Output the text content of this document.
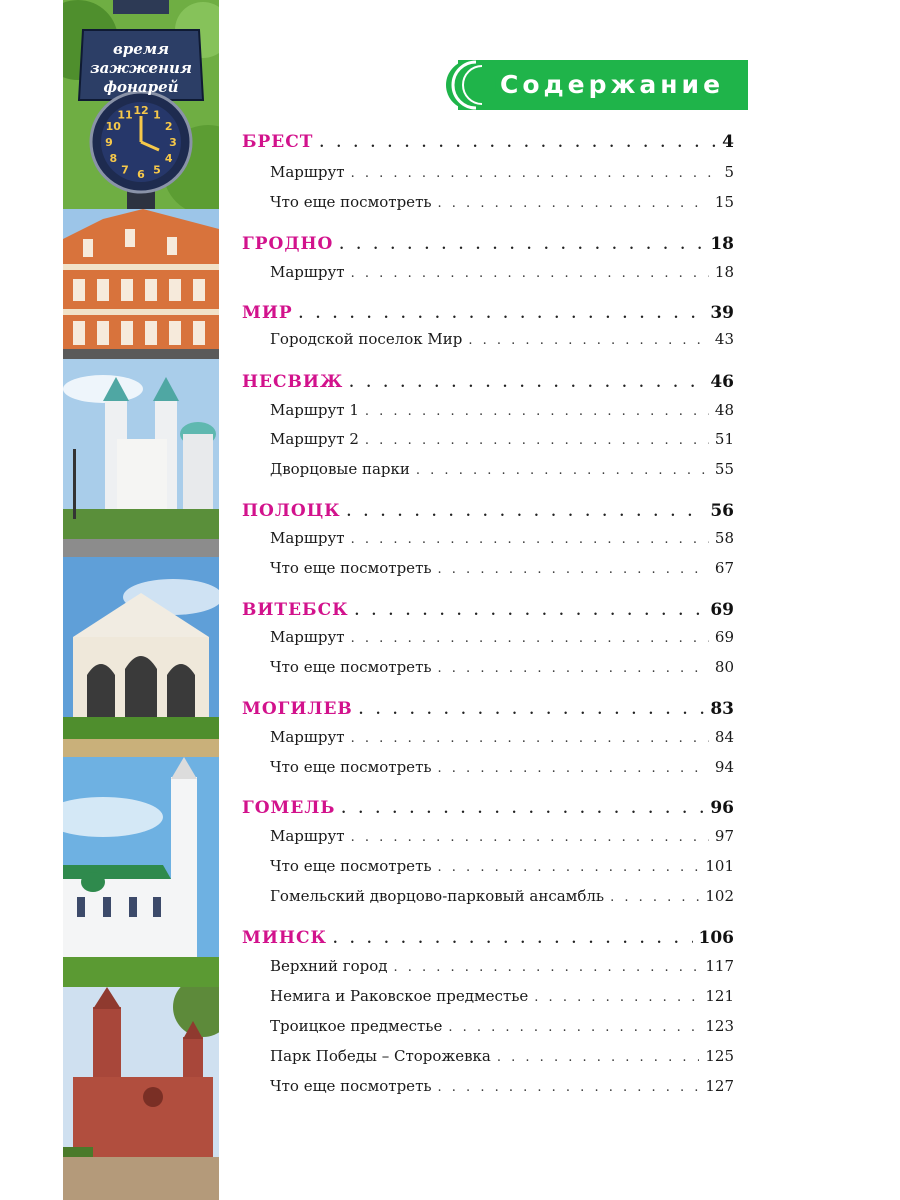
время
зажжения
фонарей
12 1
2
3
4
5
6
7
8
9
10
11
Содержание
БРЕСТ . . .	4
Маршрут . . .	5
Что еще посмотреть . . .	15
ГРОДНО . . .	18
Маршрут . . .	18
МИР . . .	39
Городской поселок Мир . . .	43
НЕСВИЖ . . .	46
Маршрут 1 . . .	48
Маршрут 2 . . .	51
Дворцовые парки . . .	55
ПОЛОЦК . . .	56
Маршрут . . .	58
Что еще посмотреть . . .	67
ВИТЕБСК . . .	69
Маршрут . . .	69
Что еще посмотреть . . .	80
МОГИЛЕВ . . .	83
Маршрут . . .	84
Что еще посмотреть . . .	94
ГОМЕЛЬ . . .	96
Маршрут . . .	97
Что еще посмотреть . . .	101
Гомельский дворцово-парковый ансамбль . . .	102
МИНСК . . .	106
Верхний город . . .	117
Немига и Раковское предместье . . .	121
Троицкое предместье . . .	123
Парк Победы – Сторожевка . . .	125
Что еще посмотреть . . .	127
